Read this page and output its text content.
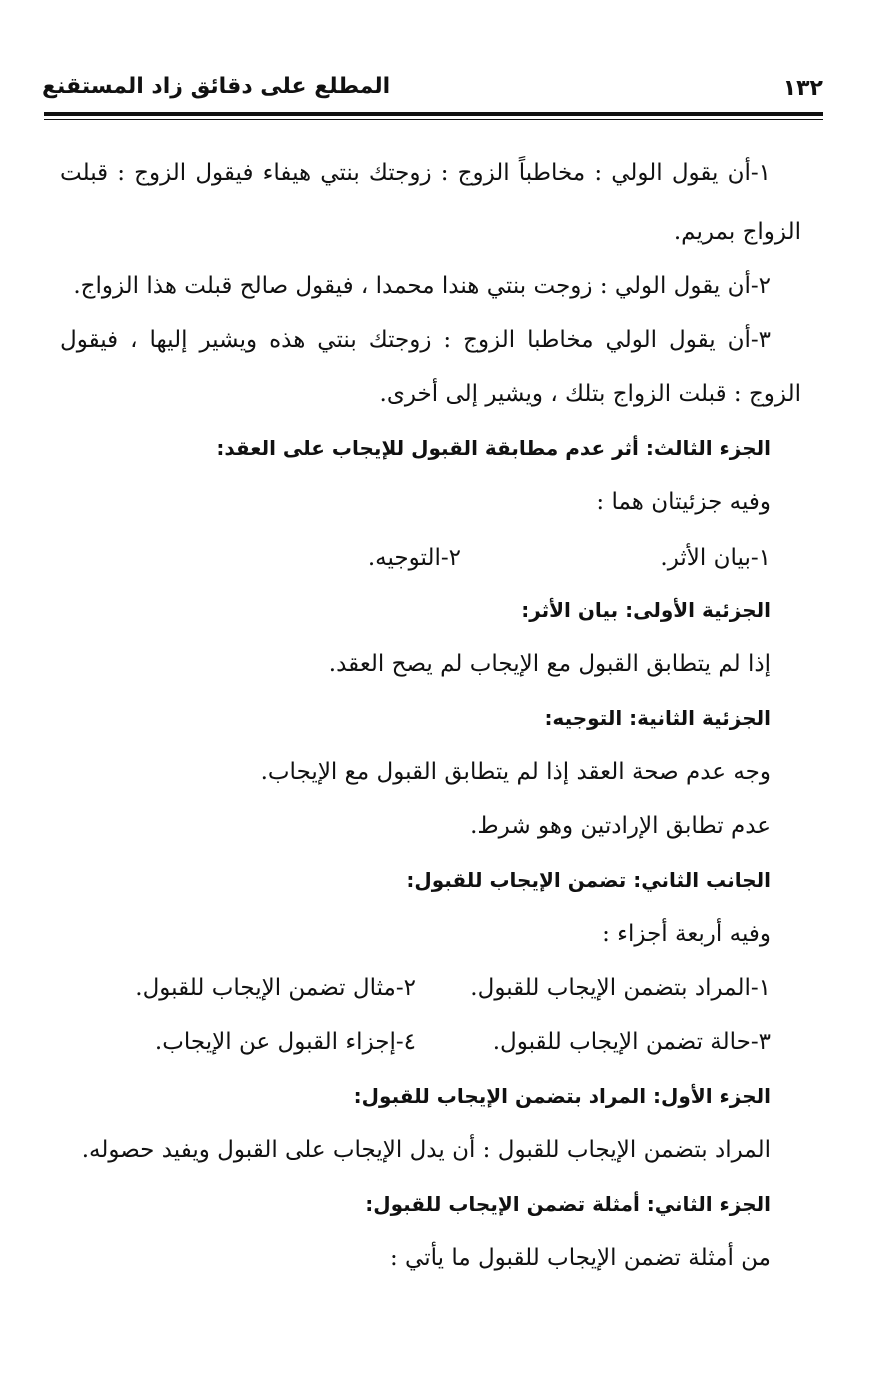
١٣٢
المطلع على دقائق زاد المستقنع
١-أن يقول الولي : مخاطباً الزوج : زوجتك بنتي هيفاء فيقول الزوج : قبلت
الزواج بمريم.
٢-أن يقول الولي : زوجت بنتي هندا محمدا ، فيقول صالح قبلت هذا الزواج.
٣-أن يقول الولي مخاطبا الزوج : زوجتك بنتي هذه ويشير إليها ، فيقول
الزوج : قبلت الزواج بتلك ، ويشير إلى أخرى.
الجزء الثالث: أثر عدم مطابقة القبول للإيجاب على العقد:
وفيه جزئيتان هما :
١-بيان الأثر.
٢-التوجيه.
الجزئية الأولى: بيان الأثر:
إذا لم يتطابق القبول مع الإيجاب لم يصح العقد.
الجزئية الثانية: التوجيه:
وجه عدم صحة العقد إذا لم يتطابق القبول مع الإيجاب.
عدم تطابق الإرادتين وهو شرط.
الجانب الثاني: تضمن الإيجاب للقبول:
وفيه أربعة أجزاء :
١-المراد بتضمن الإيجاب للقبول.
٢-مثال تضمن الإيجاب للقبول.
٣-حالة تضمن الإيجاب للقبول.
٤-إجزاء القبول عن الإيجاب.
الجزء الأول: المراد بتضمن الإيجاب للقبول:
المراد بتضمن الإيجاب للقبول : أن يدل الإيجاب على القبول ويفيد حصوله.
الجزء الثاني: أمثلة تضمن الإيجاب للقبول:
من أمثلة تضمن الإيجاب للقبول ما يأتي :
